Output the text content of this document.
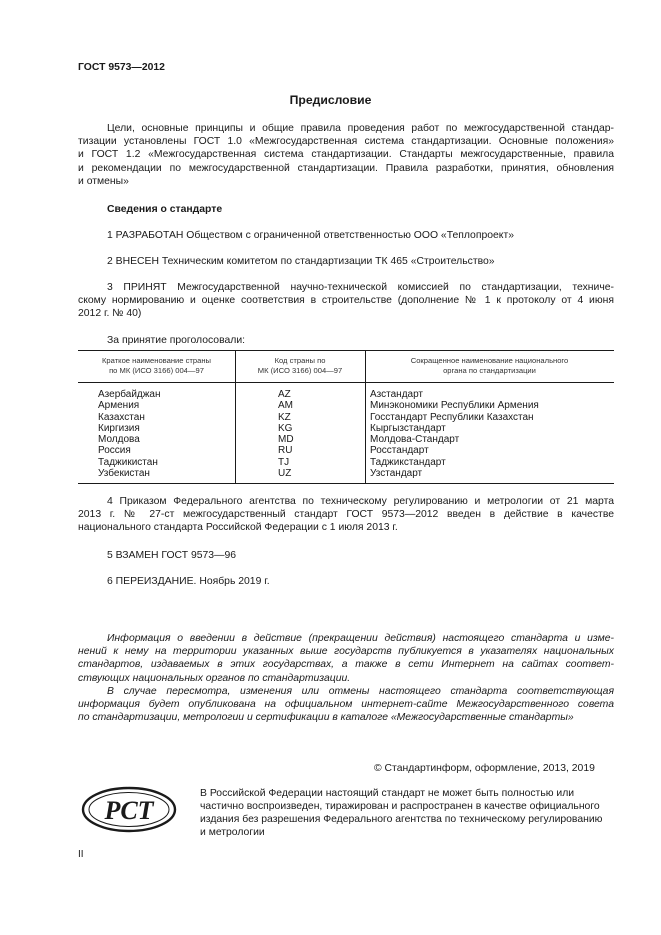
ГОСТ 9573—2012
Предисловие
Цели, основные принципы и общие правила проведения работ по межгосударственной стандар-
тизации установлены ГОСТ 1.0 «Межгосударственная система стандартизации. Основные положения»
и ГОСТ 1.2 «Межгосударственная система стандартизации. Стандарты межгосударственные, правила
и рекомендации по межгосударственной стандартизации. Правила разработки, принятия, обновления
и отмены»
Сведения о стандарте
1 РАЗРАБОТАН Обществом с ограниченной ответственностью ООО «Теплопроект»
2 ВНЕСЕН Техническим комитетом по стандартизации ТК 465 «Строительство»
3 ПРИНЯТ Межгосударственной научно-технической комиссией по стандартизации, техниче-
скому нормированию и оценке соответствия в строительстве (дополнение № 1 к протоколу от 4 июня
2012 г. № 40)
За принятие проголосовали:
Краткое наименование страны
по МК (ИСО 3166) 004—97
Код страны по
МК (ИСО 3166) 004—97
Сокращенное наименование национального
органа по стандартизации
Азербайджан
Армения
Казахстан
Киргизия
Молдова
Россия
Таджикистан
Узбекистан
AZ
AM
KZ
KG
MD
RU
TJ
UZ
Азстандарт
Минэкономики Республики Армения
Госстандарт Республики Казахстан
Кыргызстандарт
Молдова-Стандарт
Росстандарт
Таджикстандарт
Узстандарт
4 Приказом Федерального агентства по техническому регулированию и метрологии от 21 марта
2013 г. № 27-ст межгосударственный стандарт ГОСТ 9573—2012 введен в действие в качестве
национального стандарта Российской Федерации с 1 июля 2013 г.
5 ВЗАМЕН ГОСТ 9573—96
6 ПЕРЕИЗДАНИЕ. Ноябрь 2019 г.
Информация о введении в действие (прекращении действия) настоящего стандарта и изме-
нений к нему на территории указанных выше государств публикуется в указателях национальных
стандартов, издаваемых в этих государствах, а также в сети Интернет на сайтах соответ-
ствующих национальных органов по стандартизации.
В случае пересмотра, изменения или отмены настоящего стандарта соответствующая
информация будет опубликована на официальном интернет-сайте Межгосударственного совета
по стандартизации, метрологии и сертификации в каталоге «Межгосударственные стандарты»
© Стандартинформ, оформление, 2013, 2019
РСТ
В Российской Федерации настоящий стандарт не может быть полностью или
частично воспроизведен, тиражирован и распространен в качестве официального
издания без разрешения Федерального агентства по техническому регулированию
и метрологии
II
